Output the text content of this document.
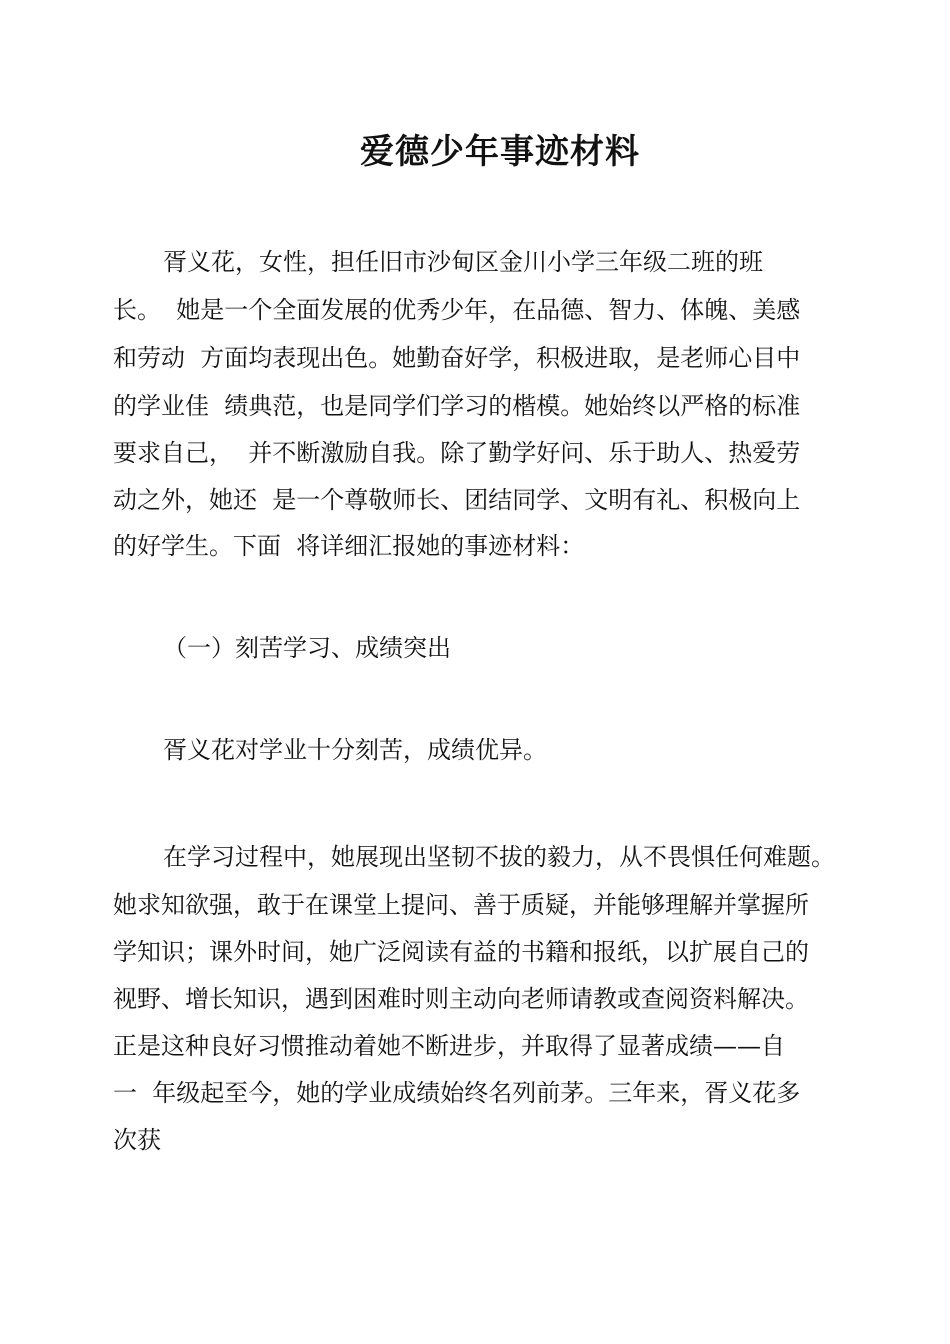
爱德少年事迹材料

胥义花，女性，担任旧市沙甸区金川小学三年级二班的班

长。  她是一个全面发展的优秀少年，在品德、智力、体魄、美感

和劳动  方面均表现出色。她勤奋好学，积极进取，是老师心目中

的学业佳  绩典范，也是同学们学习的楷模。她始终以严格的标准

要求自己，  并不断激励自我。除了勤学好问、乐于助人、热爱劳

动之外，她还  是一个尊敬师长、团结同学、文明有礼、积极向上

的好学生。下面  将详细汇报她的事迹材料：

（一）刻苦学习、成绩突出

胥义花对学业十分刻苦，成绩优异。

在学习过程中，她展现出坚韧不拔的毅力，从不畏惧任何难题。

她求知欲强，敢于在课堂上提问、善于质疑，并能够理解并掌握所

学知识；课外时间，她广泛阅读有益的书籍和报纸，以扩展自己的

视野、增长知识，遇到困难时则主动向老师请教或查阅资料解决。

正是这种良好习惯推动着她不断进步，并取得了显著成绩——自

一  年级起至今，她的学业成绩始终名列前茅。三年来，胥义花多

次获
